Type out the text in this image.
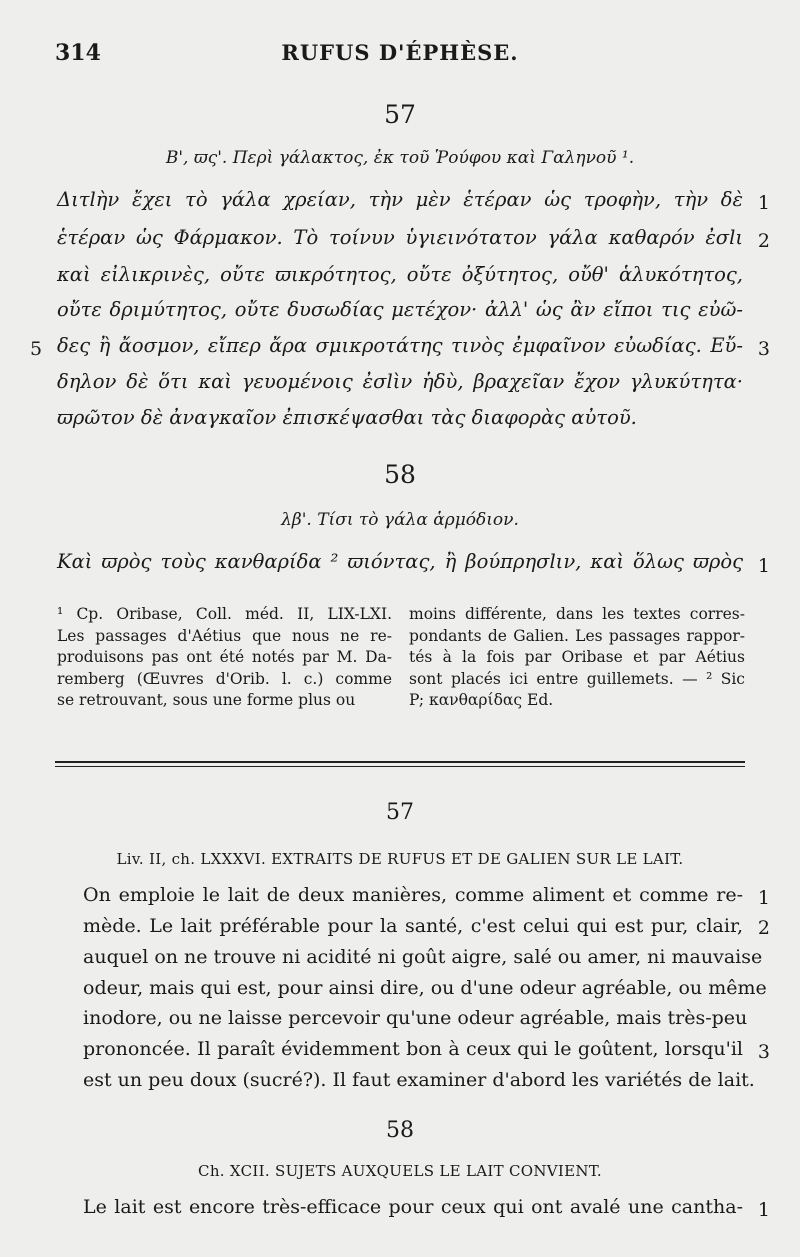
314	RUFUS D'ÉPHÈSE.
57
Β', ϖς'. Περὶ γάλακτος, ἐκ τοῦ Ῥούφου καὶ Γαληνοῦ ¹.
Διτlὴν ἔχει τὸ γάλα χρείαν, τὴν μὲν ἑτέραν ὡς τροφὴν, τὴν δὲ 1
ἑτέραν ὡς Φάρμακον. Τὸ τοίνυν ὑγιεινότατον γάλα καθαρόν ἐσlι 2
καὶ εἰλικρινὲς, οὔτε ϖικρότητος, οὔτε ὀξύτητος, οὔθ' ἁλυκότητος,
οὔτε δριμύτητος, οὔτε δυσωδίας μετέχον· ἀλλ' ὡς ἂν εἴποι τις εὐῶ-
5 δες ἢ ἄοσμον, εἴπερ ἄρα σμικροτάτης τινὸς ἐμφαῖνον εὐωδίας. Εὔ- 3
δηλον δὲ ὅτι καὶ γευομένοις ἐσlὶν ἡδὺ, βραχεῖαν ἔχον γλυκύτητα·
ϖρῶτον δὲ ἀναγκαῖον ἐπισκέψασθαι τὰς διαφορὰς αὐτοῦ.
58
λβ'. Τίσι τὸ γάλα ἁρμόδιον.
Καὶ ϖρὸς τοὺς κανθαρίδα ² ϖιόντας, ἢ βούπρησlιν, καὶ ὅλως ϖρὸς 1
¹ Cp. Oribase, Coll. méd. II, LIX-LXI.
Les passages d'Aétius que nous ne re-
produisons pas ont été notés par M. Da-
remberg (Œuvres d'Orib. l. c.) comme
se retrouvant, sous une forme plus ou
moins différente, dans les textes corres-
pondants de Galien. Les passages rappor-
tés à la fois par Oribase et par Aétius
sont placés ici entre guillemets. — ² Sic
P; κανθαρίδας Ed.
57
Liv. II, ch. LXXXVI. EXTRAITS DE RUFUS ET DE GALIEN SUR LE LAIT.
On emploie le lait de deux manières, comme aliment et comme re- 1
mède. Le lait préférable pour la santé, c'est celui qui est pur, clair, 2
auquel on ne trouve ni acidité ni goût aigre, salé ou amer, ni mauvaise
odeur, mais qui est, pour ainsi dire, ou d'une odeur agréable, ou même
inodore, ou ne laisse percevoir qu'une odeur agréable, mais très-peu
prononcée. Il paraît évidemment bon à ceux qui le goûtent, lorsqu'il 3
est un peu doux (sucré?). Il faut examiner d'abord les variétés de lait.
58
Ch. XCII. SUJETS AUXQUELS LE LAIT CONVIENT.
Le lait est encore très-efficace pour ceux qui ont avalé une cantha- 1
